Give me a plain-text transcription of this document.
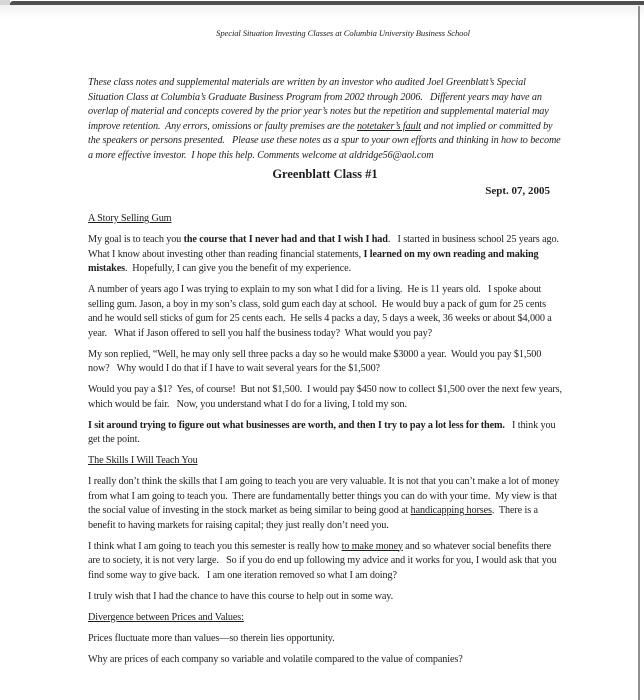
Special Situation Investing Classes at Columbia University Business School
These class notes and supplemental materials are written by an investor who audited Joel Greenblatt’s Special Situation Class at Columbia’s Graduate Business Program from 2002 through 2006.   Different years may have an overlap of material and concepts covered by the prior year’s notes but the repetition and supplemental material may improve retention.  Any errors, omissions or faulty premises are the notetaker’s fault and not implied or committed by the speakers or persons presented.   Please use these notes as a spur to your own efforts and thinking in how to become a more effective investor.  I hope this help. Comments welcome at aldridge56@aol.com
Greenblatt Class #1
Sept. 07, 2005
A Story Selling Gum
My goal is to teach you the course that I never had and that I wish I had.   I started in business school 25 years ago.  What I know about investing other than reading financial statements, I learned on my own reading and making mistakes.  Hopefully, I can give you the benefit of my experience.
A number of years ago I was trying to explain to my son what I did for a living.  He is 11 years old.   I spoke about selling gum. Jason, a boy in my son’s class, sold gum each day at school.  He would buy a pack of gum for 25 cents and he would sell sticks of gum for 25 cents each.  He sells 4 packs a day, 5 days a week, 36 weeks or about $4,000 a year.   What if Jason offered to sell you half the business today?  What would you pay?
My son replied, “Well, he may only sell three packs a day so he would make $3000 a year.  Would you pay $1,500 now?   Why would I do that if I have to wait several years for the $1,500?
Would you pay a $1?  Yes, of course!  But not $1,500.  I would pay $450 now to collect $1,500 over the next few years, which would be fair.   Now, you understand what I do for a living, I told my son.
I sit around trying to figure out what businesses are worth, and then I try to pay a lot less for them.   I think you get the point.
The Skills I Will Teach You
I really don’t think the skills that I am going to teach you are very valuable. It is not that you can’t make a lot of money from what I am going to teach you.  There are fundamentally better things you can do with your time.  My view is that the social value of investing in the stock market as being similar to being good at handicapping horses.  There is a benefit to having markets for raising capital; they just really don’t need you.
I think what I am going to teach you this semester is really how to make money and so whatever social benefits there are to society, it is not very large.   So if you do end up following my advice and it works for you, I would ask that you find some way to give back.   I am one iteration removed so what I am doing?
I truly wish that I had the chance to have this course to help out in some way.
Divergence between Prices and Values:
Prices fluctuate more than values—so therein lies opportunity.
Why are prices of each company so variable and volatile compared to the value of companies?
